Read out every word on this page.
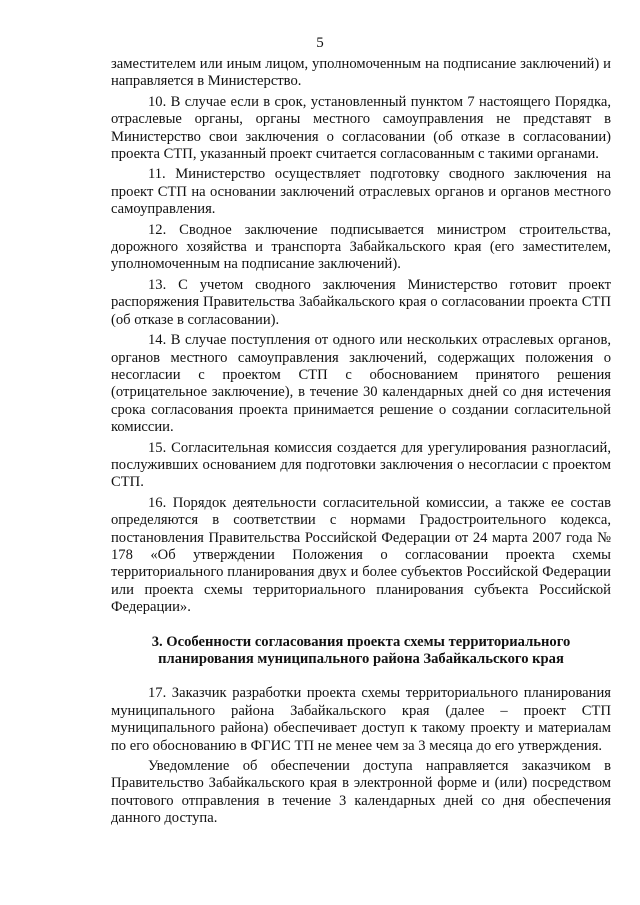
5

заместителем или иным лицом, уполномоченным на подписание заключений) и направляется в Министерство.

10. В случае если в срок, установленный пунктом 7 настоящего Порядка, отраслевые органы, органы местного самоуправления не представят в Министерство свои заключения о согласовании (об отказе в согласовании) проекта СТП, указанный проект считается согласованным с такими органами.

11. Министерство осуществляет подготовку сводного заключения на проект СТП на основании заключений отраслевых органов и органов местного самоуправления.

12. Сводное заключение подписывается министром строительства, дорожного хозяйства и транспорта Забайкальского края (его заместителем, уполномоченным на подписание заключений).

13. С учетом сводного заключения Министерство готовит проект распоряжения Правительства Забайкальского края о согласовании проекта СТП (об отказе в согласовании).

14. В случае поступления от одного или нескольких отраслевых органов, органов местного самоуправления заключений, содержащих положения о несогласии с проектом СТП с обоснованием принятого решения (отрицательное заключение), в течение 30 календарных дней со дня истечения срока согласования проекта принимается решение о создании согласительной комиссии.

15. Согласительная комиссия создается для урегулирования разногласий, послуживших основанием для подготовки заключения о несогласии с проектом СТП.

16. Порядок деятельности согласительной комиссии, а также ее состав определяются в соответствии с нормами Градостроительного кодекса, постановления Правительства Российской Федерации от 24 марта 2007 года № 178 «Об утверждении Положения о согласовании проекта схемы территориального планирования двух и более субъектов Российской Федерации или проекта схемы территориального планирования субъекта Российской Федерации».

3. Особенности согласования проекта схемы территориального планирования муниципального района Забайкальского края

17. Заказчик разработки проекта схемы территориального планирования муниципального района Забайкальского края (далее – проект СТП муниципального района) обеспечивает доступ к такому проекту и материалам по его обоснованию в ФГИС ТП не менее чем за 3 месяца до его утверждения.

Уведомление об обеспечении доступа направляется заказчиком в Правительство Забайкальского края в электронной форме и (или) посредством почтового отправления в течение 3 календарных дней со дня обеспечения данного доступа.
